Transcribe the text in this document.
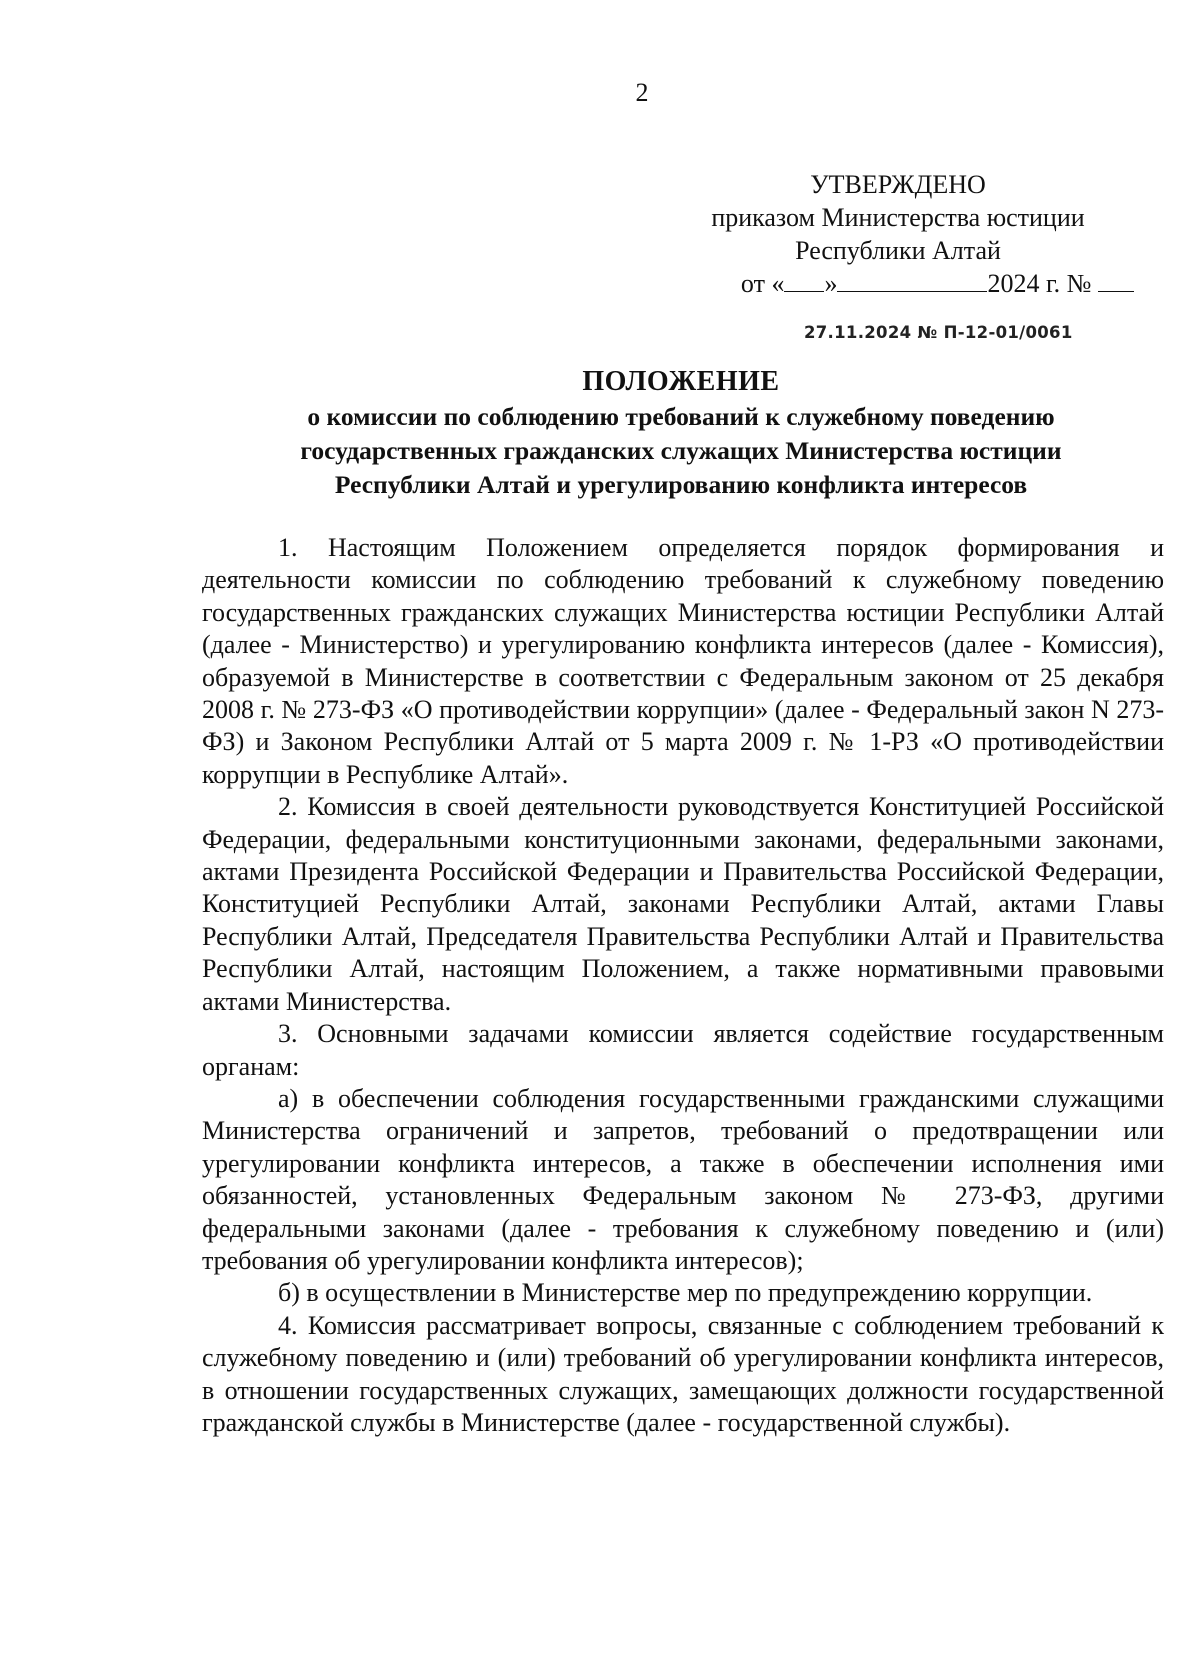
2
УТВЕРЖДЕНО
приказом Министерства юстиции
Республики Алтай
от « »	2024 г. №
27.11.2024 № П-12-01/0061
ПОЛОЖЕНИЕ
о комиссии по соблюдению требований к служебному поведению
государственных гражданских служащих Министерства юстиции
Республики Алтай и урегулированию конфликта интересов

1. Настоящим Положением определяется порядок формирования и деятельности комиссии по соблюдению требований к служебному поведению государственных гражданских служащих Министерства юстиции Республики Алтай (далее - Министерство) и урегулированию конфликта интересов (далее - Комиссия), образуемой в Министерстве в соответствии с Федеральным законом от 25 декабря 2008 г. № 273-ФЗ «О противодействии коррупции» (далее - Федеральный закон N 273-ФЗ) и Законом Республики Алтай от 5 марта 2009 г. № 1-РЗ «О противодействии коррупции в Республике Алтай».

2. Комиссия в своей деятельности руководствуется Конституцией Российской Федерации, федеральными конституционными законами, федеральными законами, актами Президента Российской Федерации и Правительства Российской Федерации, Конституцией Республики Алтай, законами Республики Алтай, актами Главы Республики Алтай, Председателя Правительства Республики Алтай и Правительства Республики Алтай, настоящим Положением, а также нормативными правовыми актами Министерства.

3. Основными задачами комиссии является содействие государственным органам:

а) в обеспечении соблюдения государственными гражданскими служащими Министерства ограничений и запретов, требований о предотвращении или урегулировании конфликта интересов, а также в обеспечении исполнения ими обязанностей, установленных Федеральным законом № 273-ФЗ, другими федеральными законами (далее - требования к служебному поведению и (или) требования об урегулировании конфликта интересов);

б) в осуществлении в Министерстве мер по предупреждению коррупции.

4. Комиссия рассматривает вопросы, связанные с соблюдением требований к служебному поведению и (или) требований об урегулировании конфликта интересов, в отношении государственных служащих, замещающих должности государственной гражданской службы в Министерстве (далее - государственной службы).
